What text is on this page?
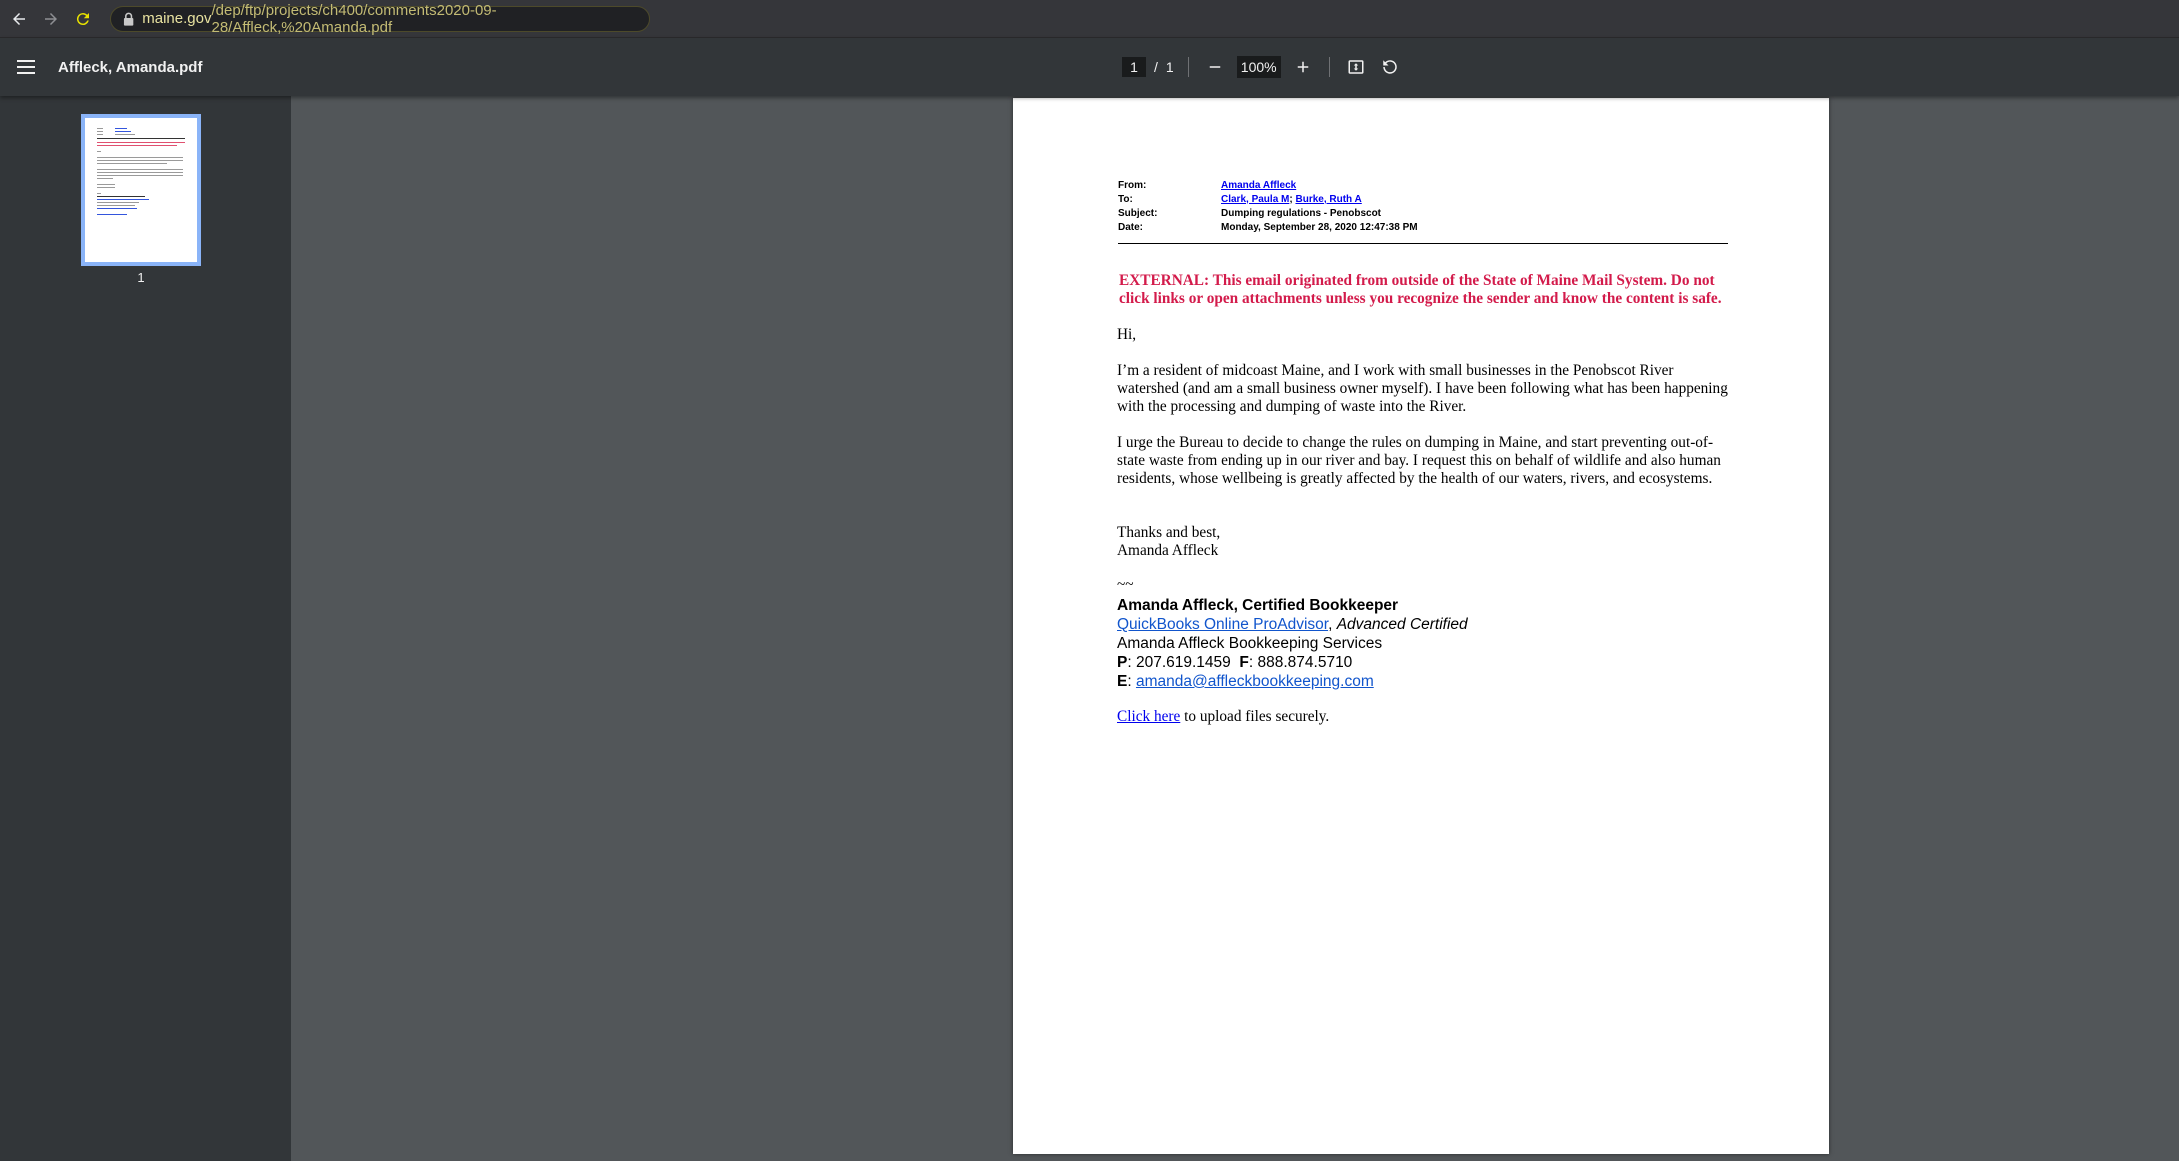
maine.gov /dep/ftp/projects/ch400/comments2020-09-28/Affleck,%20Amanda.pdf
Affleck, Amanda.pdf	1	/ 1	100%
1
From:	Amanda Affleck
To:	Clark, Paula M; Burke, Ruth A
Subject:	Dumping regulations - Penobscot
Date:	Monday, September 28, 2020 12:47:38 PM
EXTERNAL: This email originated from outside of the State of Maine Mail System. Do not click links or open attachments unless you recognize the sender and know the content is safe.
Hi,
I’m a resident of midcoast Maine, and I work with small businesses in the Penobscot River watershed (and am a small business owner myself). I have been following what has been happening with the processing and dumping of waste into the River.
I urge the Bureau to decide to change the rules on dumping in Maine, and start preventing out-of-state waste from ending up in our river and bay. I request this on behalf of wildlife and also human residents, whose wellbeing is greatly affected by the health of our waters, rivers, and ecosystems.
Thanks and best,
Amanda Affleck
~~
Amanda Affleck, Certified Bookkeeper
QuickBooks Online ProAdvisor, Advanced Certified
Amanda Affleck Bookkeeping Services
P: 207.619.1459 F: 888.874.5710
E: amanda@affleckbookkeeping.com
Click here to upload files securely.
